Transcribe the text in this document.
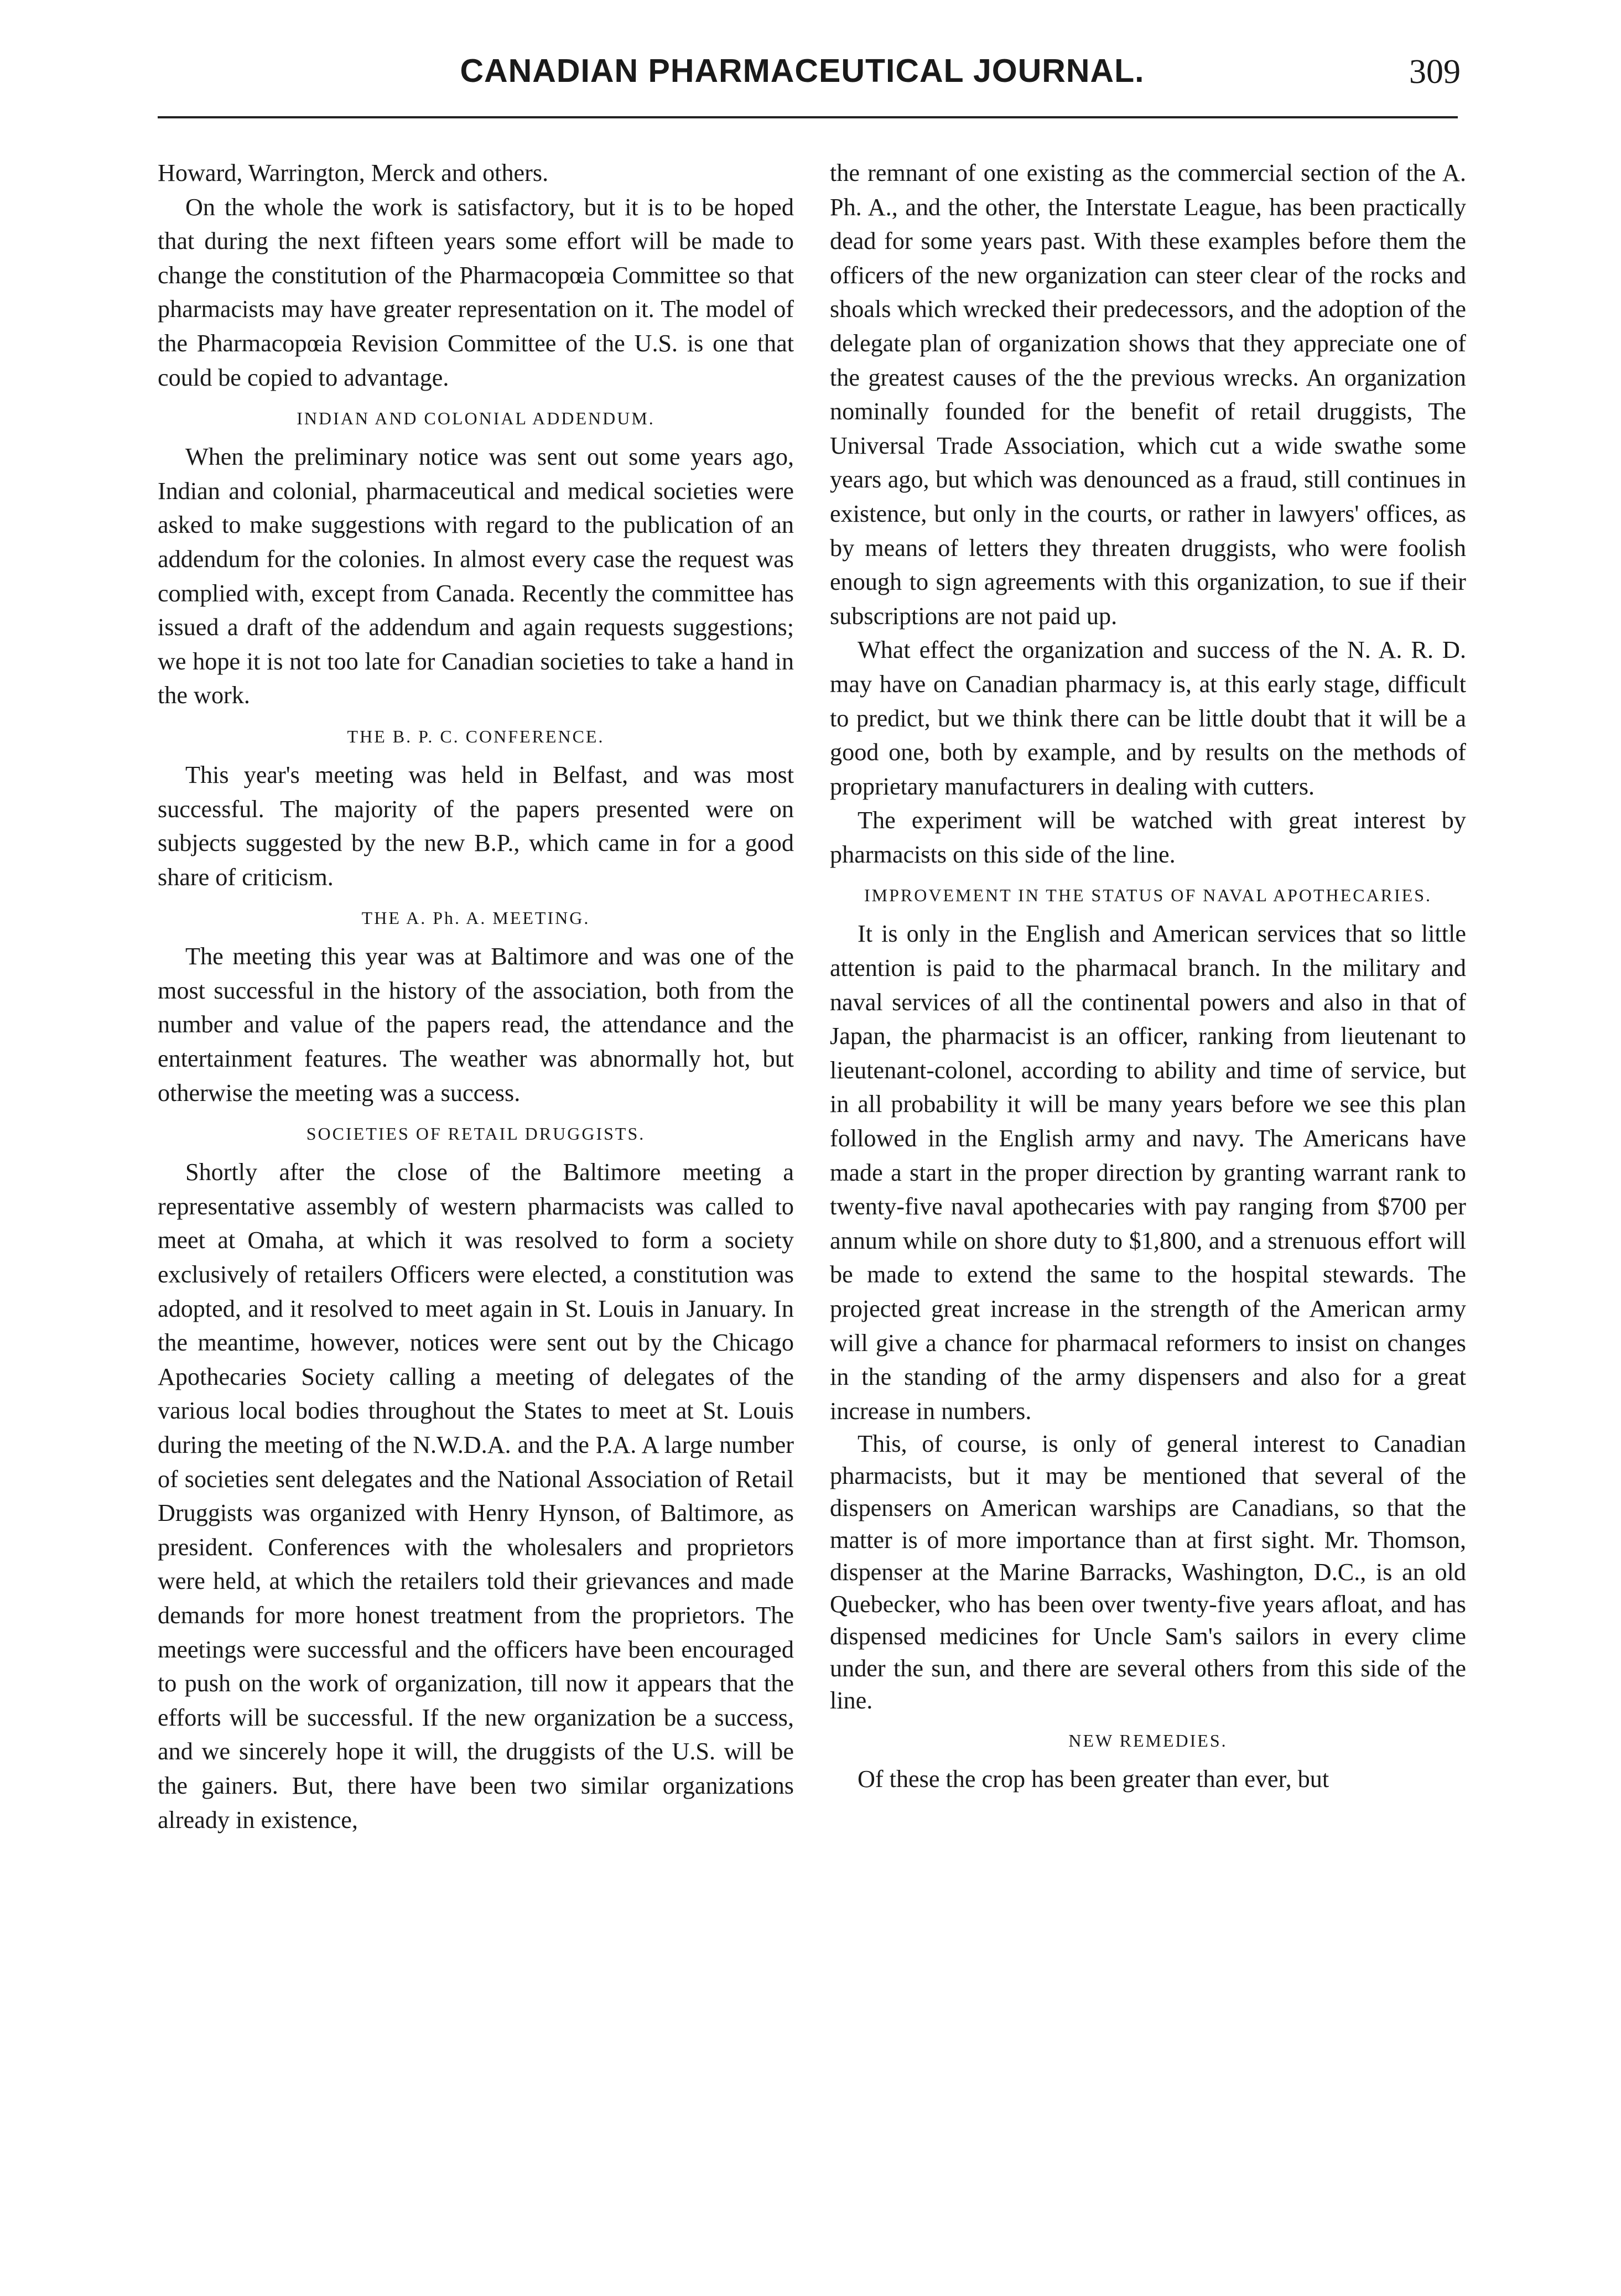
CANADIAN PHARMACEUTICAL JOURNAL.	309

Howard, Warrington, Merck and others.

On the whole the work is satisfactory, but it is to be hoped that during the next fifteen years some effort will be made to change the constitution of the Pharmacopœia Committee so that pharmacists may have greater representation on it. The model of the Pharmacopœia Revision Committee of the U.S. is one that could be copied to advantage.

INDIAN AND COLONIAL ADDENDUM.

When the preliminary notice was sent out some years ago, Indian and colonial, pharmaceutical and medical societies were asked to make suggestions with regard to the publication of an addendum for the colonies. In almost every case the request was complied with, except from Canada. Recently the committee has issued a draft of the addendum and again requests suggestions; we hope it is not too late for Canadian societies to take a hand in the work.

THE B. P. C. CONFERENCE.

This year's meeting was held in Belfast, and was most successful. The majority of the papers presented were on subjects suggested by the new B.P., which came in for a good share of criticism.

THE A. Ph. A. MEETING.

The meeting this year was at Baltimore and was one of the most successful in the history of the association, both from the number and value of the papers read, the attendance and the entertainment features. The weather was abnormally hot, but otherwise the meeting was a success.

SOCIETIES OF RETAIL DRUGGISTS.

Shortly after the close of the Baltimore meeting a representative assembly of western pharmacists was called to meet at Omaha, at which it was resolved to form a society exclusively of retailers Officers were elected, a constitution was adopted, and it resolved to meet again in St. Louis in January. In the meantime, however, notices were sent out by the Chicago Apothecaries Society calling a meeting of delegates of the various local bodies throughout the States to meet at St. Louis during the meeting of the N.W.D.A. and the P.A. A large number of societies sent delegates and the National Association of Retail Druggists was organized with Henry Hynson, of Baltimore, as president. Conferences with the wholesalers and proprietors were held, at which the retailers told their grievances and made demands for more honest treatment from the proprietors. The meetings were successful and the officers have been encouraged to push on the work of organization, till now it appears that the efforts will be successful. If the new organization be a success, and we sincerely hope it will, the druggists of the U.S. will be the gainers. But, there have been two similar organizations already in existence,

the remnant of one existing as the commercial section of the A. Ph. A., and the other, the Interstate League, has been practically dead for some years past. With these examples before them the officers of the new organization can steer clear of the rocks and shoals which wrecked their predecessors, and the adoption of the delegate plan of organization shows that they appreciate one of the greatest causes of the the previous wrecks. An organization nominally founded for the benefit of retail druggists, The Universal Trade Association, which cut a wide swathe some years ago, but which was denounced as a fraud, still continues in existence, but only in the courts, or rather in lawyers' offices, as by means of letters they threaten druggists, who were foolish enough to sign agreements with this organization, to sue if their subscriptions are not paid up.

What effect the organization and success of the N. A. R. D. may have on Canadian pharmacy is, at this early stage, difficult to predict, but we think there can be little doubt that it will be a good one, both by example, and by results on the methods of proprietary manufacturers in dealing with cutters.

The experiment will be watched with great interest by pharmacists on this side of the line.

IMPROVEMENT IN THE STATUS OF NAVAL APOTHECARIES.

It is only in the English and American services that so little attention is paid to the pharmacal branch. In the military and naval services of all the continental powers and also in that of Japan, the pharmacist is an officer, ranking from lieutenant to lieutenant-colonel, according to ability and time of service, but in all probability it will be many years before we see this plan followed in the English army and navy. The Americans have made a start in the proper direction by granting warrant rank to twenty-five naval apothecaries with pay ranging from $700 per annum while on shore duty to $1,800, and a strenuous effort will be made to extend the same to the hospital stewards. The projected great increase in the strength of the American army will give a chance for pharmacal reformers to insist on changes in the standing of the army dispensers and also for a great increase in numbers.

This, of course, is only of general interest to Canadian pharmacists, but it may be mentioned that several of the dispensers on American warships are Canadians, so that the matter is of more importance than at first sight. Mr. Thomson, dispenser at the Marine Barracks, Washington, D.C., is an old Quebecker, who has been over twenty-five years afloat, and has dispensed medicines for Uncle Sam's sailors in every clime under the sun, and there are several others from this side of the line.

NEW REMEDIES.

Of these the crop has been greater than ever, but
